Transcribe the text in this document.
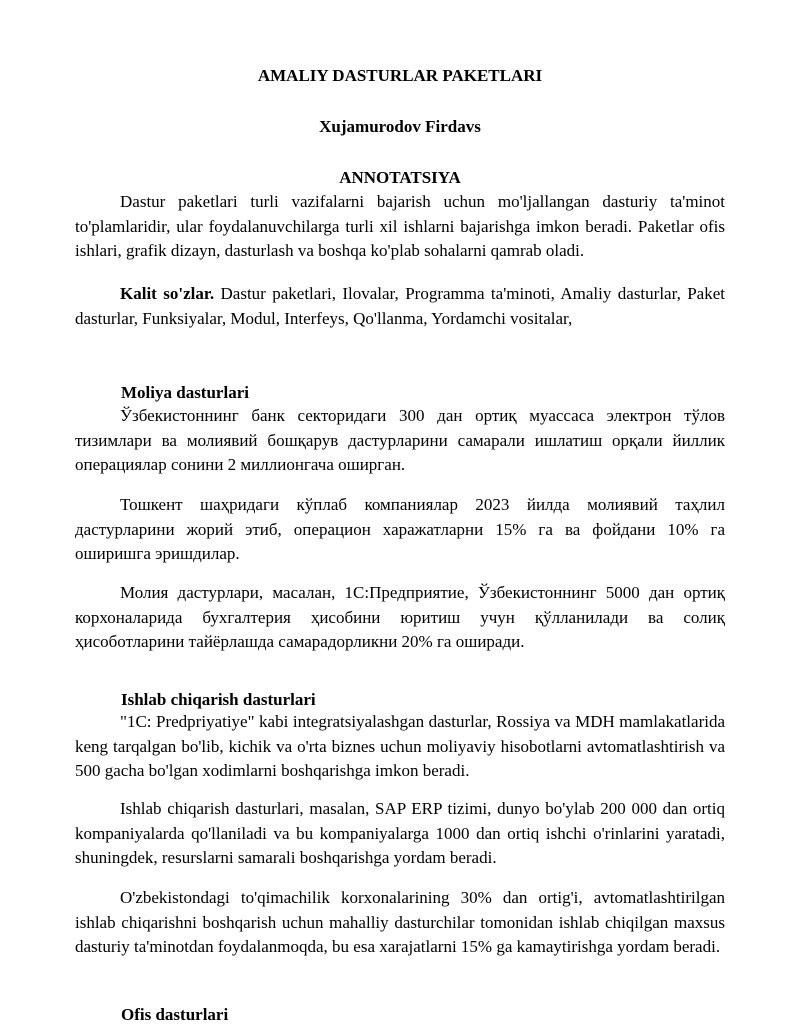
AMALIY DASTURLAR PAKETLARI
Xujamurodov Firdavs
ANNOTATSIYA

Dastur paketlari turli vazifalarni bajarish uchun mo'ljallangan dasturiy ta'minot to'plamlaridir, ular foydalanuvchilarga turli xil ishlarni bajarishga imkon beradi. Paketlar ofis ishlari, grafik dizayn, dasturlash va boshqa ko'plab sohalarni qamrab oladi.

Kalit so'zlar. Dastur paketlari, Ilovalar, Programma ta'minoti, Amaliy dasturlar, Paket dasturlar, Funksiyalar, Modul, Interfeys, Qo'llanma, Yordamchi vositalar,

Moliya dasturlari

Ўзбекистоннинг банк секторидаги 300 дан ортиқ муассаса электрон тўлов тизимлари ва молиявий бошқарув дастурларини самарали ишлатиш орқали йиллик операциялар сонини 2 миллионгача оширган.

Тошкент шаҳридаги кўплаб компаниялар 2023 йилда молиявий таҳлил дастурларини жорий этиб, операцион харажатларни 15% га ва фойдани 10% га оширишга эришдилар.

Молия дастурлари, масалан, 1С:Предприятие, Ўзбекистоннинг 5000 дан ортиқ корхоналарида бухгалтерия ҳисобини юритиш учун қўлланилади ва солиқ ҳисоботларини тайёрлашда самарадорликни 20% га оширади.

Ishlab chiqarish dasturlari

"1C: Predpriyatiye" kabi integratsiyalashgan dasturlar, Rossiya va MDH mamlakatlarida keng tarqalgan bo'lib, kichik va o'rta biznes uchun moliyaviy hisobotlarni avtomatlashtirish va 500 gacha bo'lgan xodimlarni boshqarishga imkon beradi.

Ishlab chiqarish dasturlari, masalan, SAP ERP tizimi, dunyo bo'ylab 200 000 dan ortiq kompaniyalarda qo'llaniladi va bu kompaniyalarga 1000 dan ortiq ishchi o'rinlarini yaratadi, shuningdek, resurslarni samarali boshqarishga yordam beradi.

O'zbekistondagi to'qimachilik korxonalarining 30% dan ortig'i, avtomatlashtirilgan ishlab chiqarishni boshqarish uchun mahalliy dasturchilar tomonidan ishlab chiqilgan maxsus dasturiy ta'minotdan foydalanmoqda, bu esa xarajatlarni 15% ga kamaytirishga yordam beradi.

Ofis dasturlari
